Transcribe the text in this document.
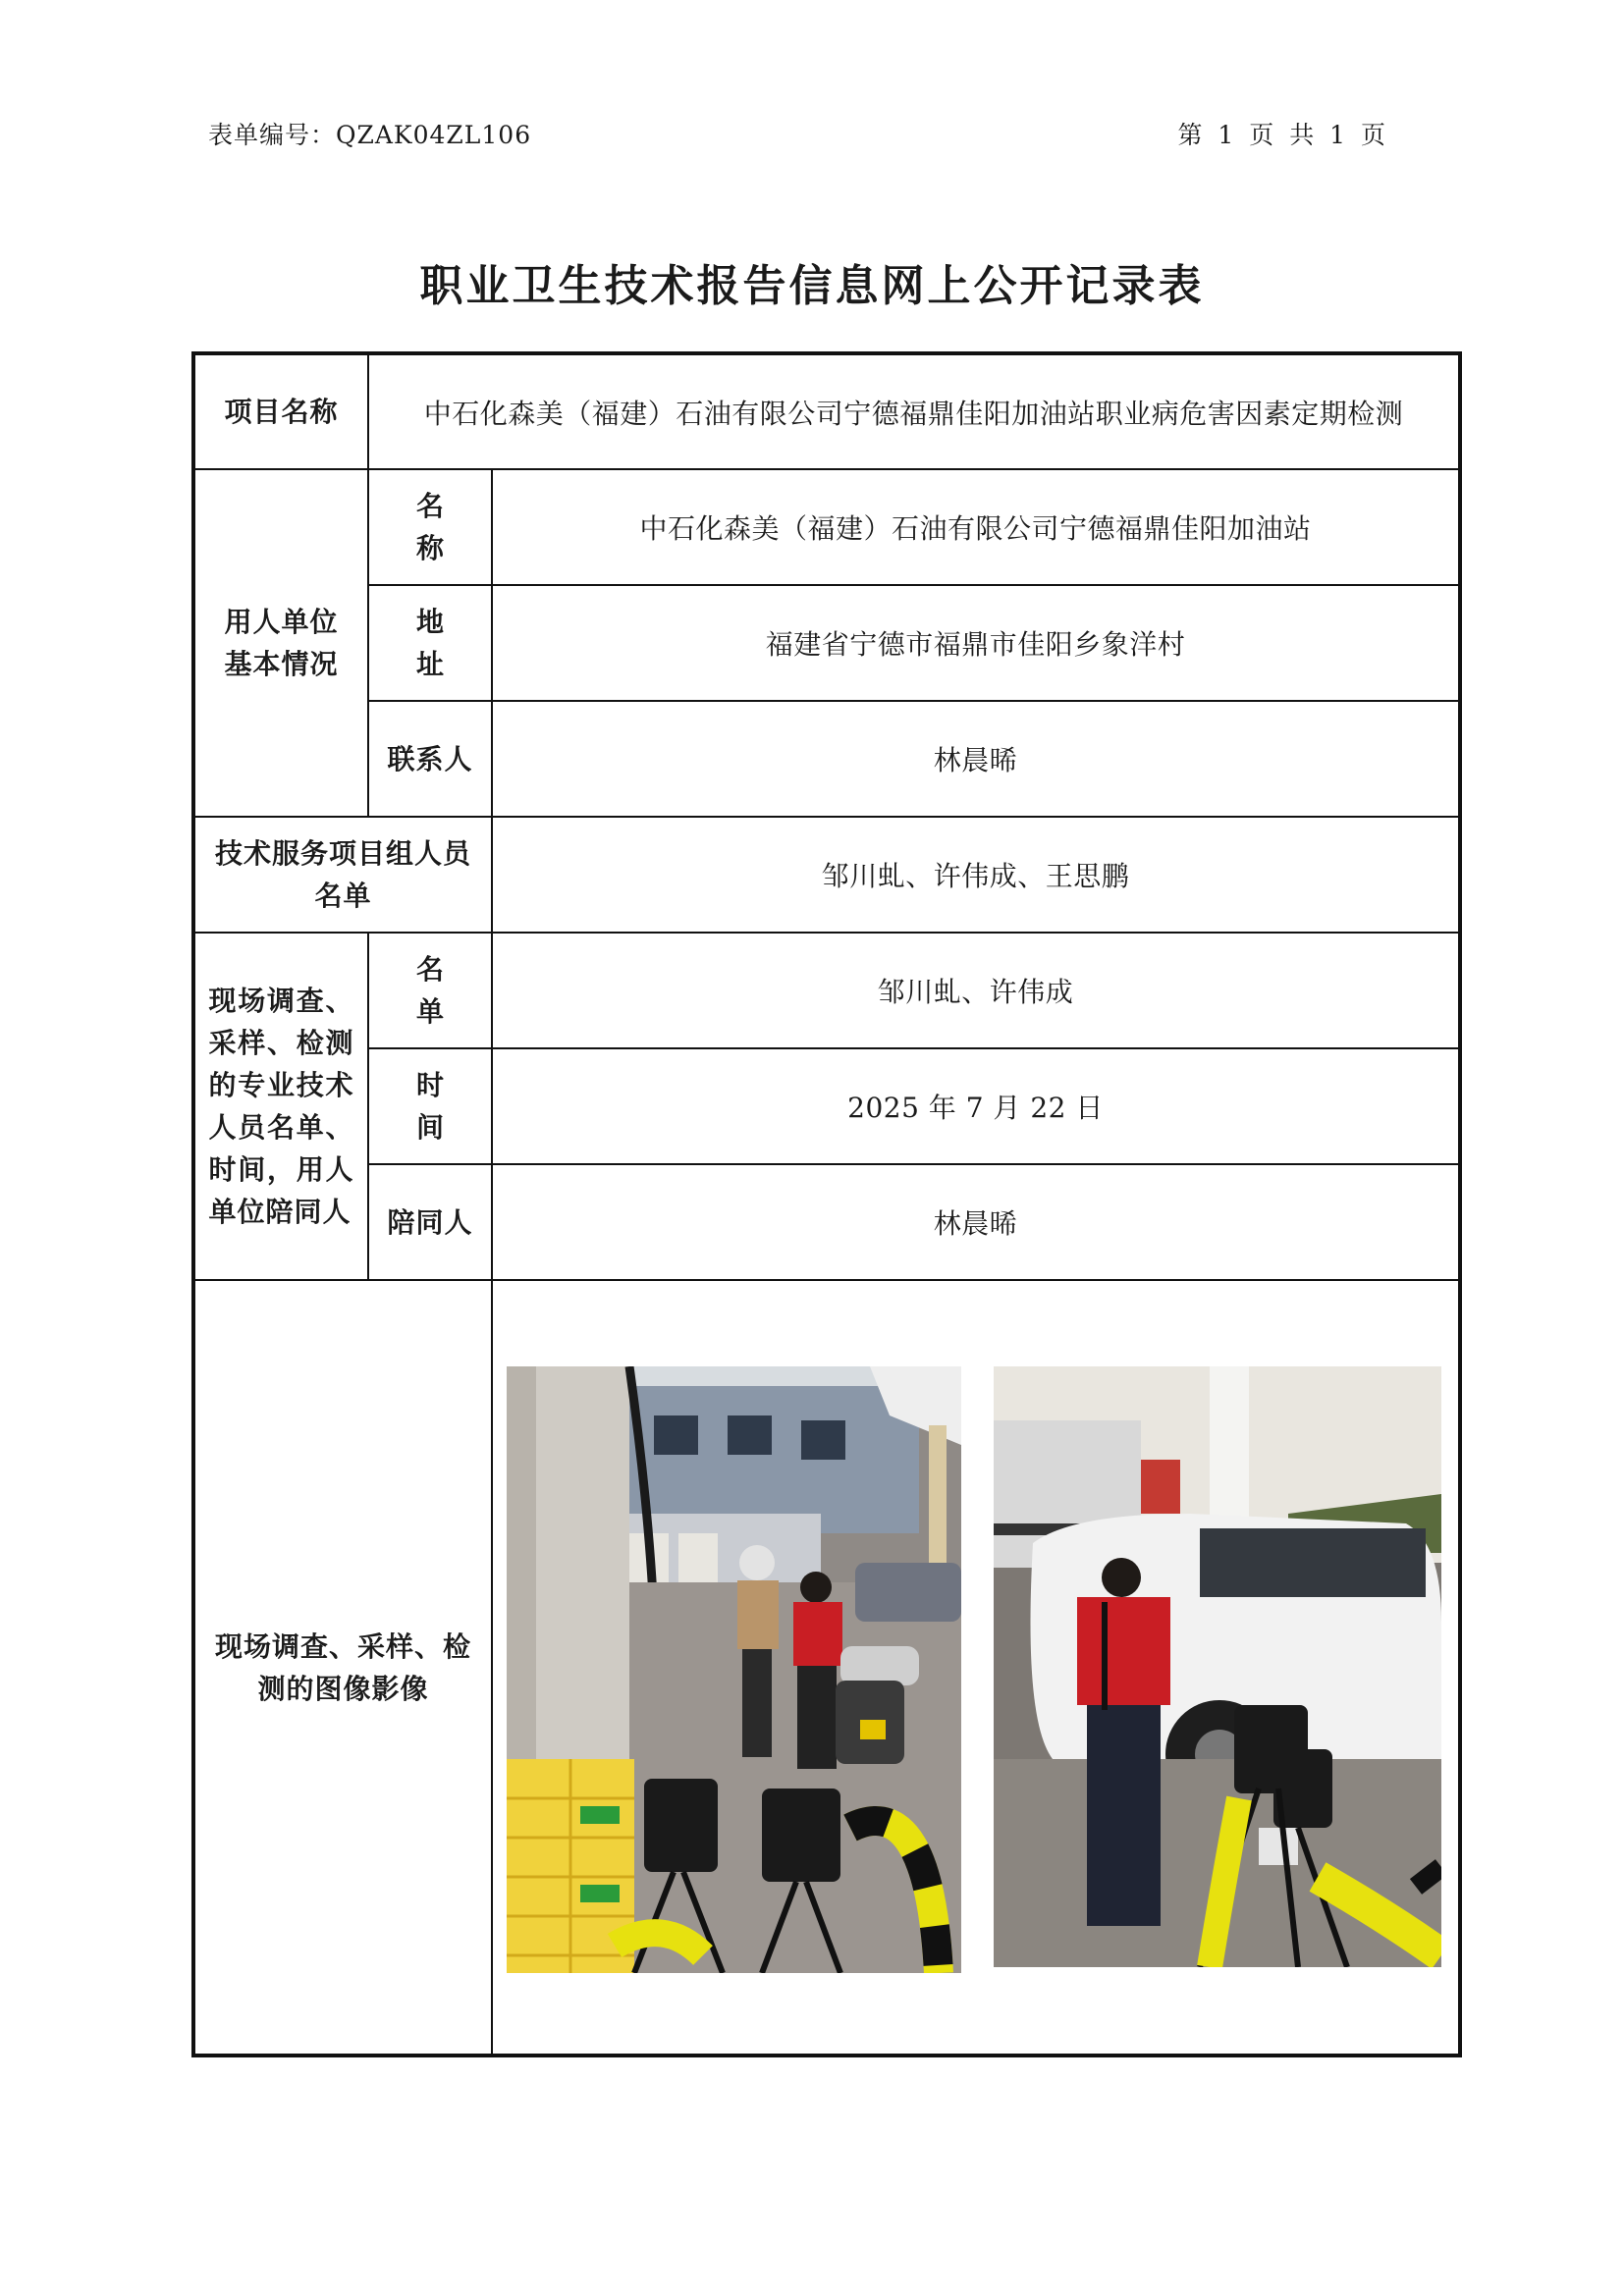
表单编号：QZAK04ZL106	第 1 页 共 1 页
职业卫生技术报告信息网上公开记录表
项目名称	中石化森美（福建）石油有限公司宁德福鼎佳阳加油站职业病危害因素定期检测	

用人单位基本情况	名称	中石化森美（福建）石油有限公司宁德福鼎佳阳加油站
	地址	福建省宁德市福鼎市佳阳乡象洋村
	联系人	林晨晞

技术服务项目组人员名单		邹川虬、许伟成、王思鹏

现场调查、采样、检测的专业技术人员名单、时间，用人单位陪同人	名单	邹川虬、许伟成
	时间	2025 年 7 月 22 日
	陪同人	林晨晞

现场调查、采样、检测的图像影像
